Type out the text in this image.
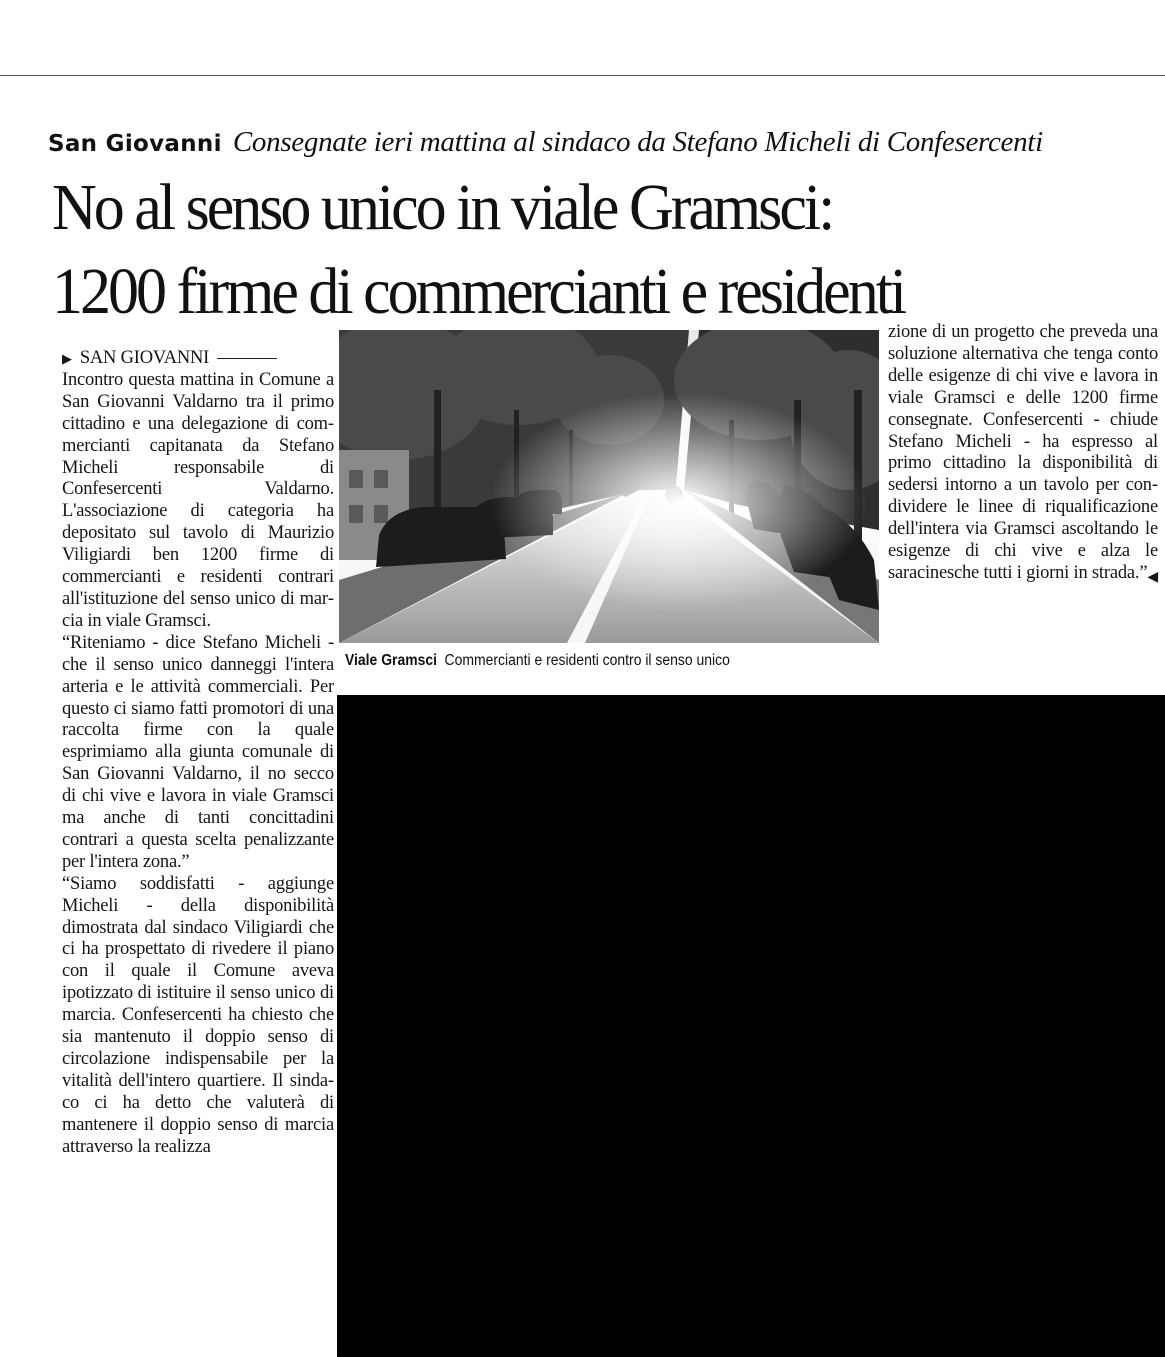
San Giovanni Consegnate ieri mattina al sindaco da Stefano Micheli di Confesercenti
No al senso unico in viale Gramsci:
1200 firme di commercianti e residenti
▶ SAN GIOVANNI

Incontro questa mattina in Comune a San Giovanni Valdarno tra il primo cittadino e una delegazione di commercianti capitanata da Stefano Micheli responsabile di Confesercenti Valdarno. L'associazione di categoria ha depositato sul tavolo di Maurizio Viligiardi ben 1200 firme di commercianti e residenti contrari all'istituzione del senso unico di marcia in viale Gramsci.

“Riteniamo - dice Stefano Micheli - che il senso unico danneggi l'intera arteria e le attività commerciali. Per questo ci siamo fatti promotori di una raccolta firme con la quale esprimiamo alla giunta comunale di San Giovanni Valdarno, il no secco di chi vive e lavora in viale Gramsci ma anche di tanti concittadini contrari a questa scelta penalizzante per l'intera zona.”

“Siamo soddisfatti - aggiunge Micheli - della disponibilità dimostrata dal sindaco Viligiardi che ci ha prospettato di rivedere il piano con il quale il Comune aveva ipotizzato di istituire il senso unico di marcia. Confesercenti ha chiesto che sia mantenuto il doppio senso di circolazione indispensabile per la vitalità dell'intero quartiere. Il sindaco ci ha detto che valuterà di mantenere il doppio senso di marcia attraverso la realizza

Viale Gramsci Commercianti e residenti contro il senso unico

zione di un progetto che preveda una soluzione alternativa che tenga conto delle esigenze di chi vive e lavora in viale Gramsci e delle 1200 firme consegnate. Confesercenti - chiude Stefano Micheli - ha espresso al primo cittadino la disponibilità di sedersi intorno a un tavolo per condividere le linee di riqualificazione dell'intera via Gramsci ascoltando le esigenze di chi vive e alza le saracinesche tutti i giorni in strada.” ◀
